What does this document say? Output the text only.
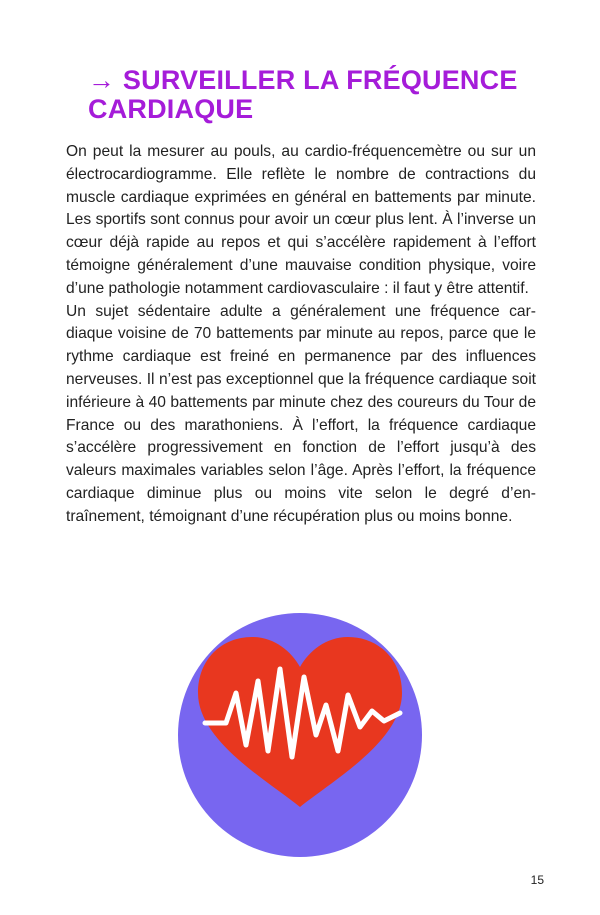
→ SURVEILLER LA FRÉQUENCE CARDIAQUE

On peut la mesurer au pouls, au cardio-fréquencemètre ou sur un électrocardiogramme. Elle reflète le nombre de contractions du muscle cardiaque exprimées en général en battements par minute. Les sportifs sont connus pour avoir un cœur plus lent. À l’inverse un cœur déjà rapide au repos et qui s’accélère rapidement à l’effort témoigne généralement d’une mauvaise condition physique, voire d’une pathologie notamment cardiovasculaire : il faut y être attentif.

Un sujet sédentaire adulte a généralement une fréquence cardiaque voisine de 70 battements par minute au repos, parce que le rythme cardiaque est freiné en permanence par des influences nerveuses. Il n’est pas exceptionnel que la fréquence cardiaque soit inférieure à 40 battements par minute chez des coureurs du Tour de France ou des marathoniens. À l’effort, la fréquence cardiaque s’accélère progressivement en fonction de l’effort jusqu’à des valeurs maximales variables selon l’âge. Après l’effort, la fréquence cardiaque diminue plus ou moins vite selon le degré d’entraînement, témoignant d’une récupération plus ou moins bonne.

15
